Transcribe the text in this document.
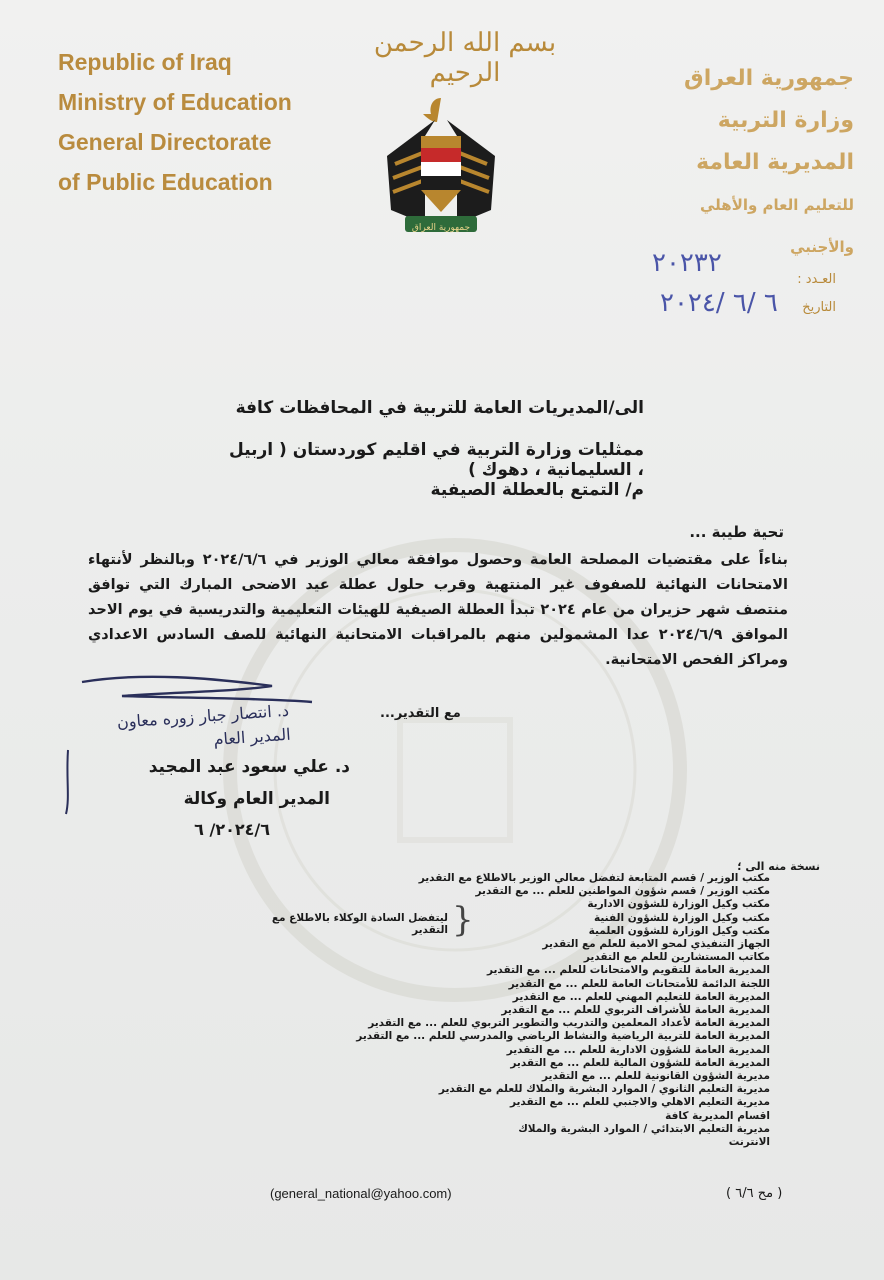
Republic of Iraq
Ministry of Education
General Directorate
of Public Education
بسم الله الرحمن الرحيم
جمهورية العراق
جمهورية العراق
وزارة التربية
المديرية العامة
للتعليم العام والأهلي والأجنبي
العـدد :
٢٠٢٣٢
التاريخ
٦ /٦ /٢٠٢٤
الى/المديريات العامة للتربية في المحافظات كافة
ممثليات وزارة التربية في اقليم كوردستان ( اربيل ، السليمانية ، دهوك )
م/ التمتع بالعطلة الصيفية
تحية طيبة ...
بناءاً على مقتضيات المصلحة العامة وحصول موافقة معالي الوزير في ٢٠٢٤/٦/٦ وبالنظر لأنتهاء الامتحانات النهائية للصفوف غير المنتهية وقرب حلول عطلة عيد الاضحى المبارك التي توافق منتصف شهر حزيران من عام ٢٠٢٤ تبدأ العطلة الصيفية للهيئات التعليمية والتدريسية في يوم الاحد الموافق ٢٠٢٤/٦/٩ عدا المشمولين منهم بالمراقبات الامتحانية النهائية للصف السادس الاعدادي ومراكز الفحص الامتحانية.
...مع التقدير
د. انتصار جبار زوره معاون المدير العام
د. علي سعود عبد المجيد
المدير العام وكالة
٢٠٢٤/٦/ ٦
نسخة منه الى ؛
مكتب الوزير / قسم المتابعة لتفضل معالي الوزير بالاطلاع مع التقدير
مكتب الوزير / قسم شؤون المواطنين للعلم ... مع التقدير
مكتب وكيل الوزارة للشؤون الادارية
مكتب وكيل الوزارة للشؤون الفنية
مكتب وكيل الوزارة للشؤون العلمية
الجهاز التنفيذي لمحو الامية للعلم مع التقدير
مكاتب المستشارين للعلم مع التقدير
المديرية العامة للتقويم والامتحانات للعلم ... مع التقدير
اللجنة الدائمة للأمتحانات العامة للعلم ... مع التقدير
المديرية العامة للتعليم المهني للعلم ... مع التقدير
المديرية العامة للأشراف التربوي للعلم ... مع التقدير
المديرية العامة لأعداد المعلمين والتدريب والتطوير التربوي للعلم ... مع التقدير
المديرية العامة للتربية الرياضية والنشاط الرياضي والمدرسي للعلم ... مع التقدير
المديرية العامة للشؤون الادارية للعلم ... مع التقدير
المديرية العامة للشؤون المالية للعلم ... مع التقدير
مديرية الشؤون القانونية للعلم ... مع التقدير
مديرية التعليم الثانوي / الموارد البشرية والملاك للعلم مع التقدير
مديرية التعليم الاهلي والاجنبي للعلم ... مع التقدير
اقسام المديرية كافة
مديرية التعليم الابتدائي / الموارد البشرية والملاك
الانترنت
ليتفضل السادة الوكلاء بالاطلاع مع التقدير }
(general_national@yahoo.com)	( مح ٦/٦ )
